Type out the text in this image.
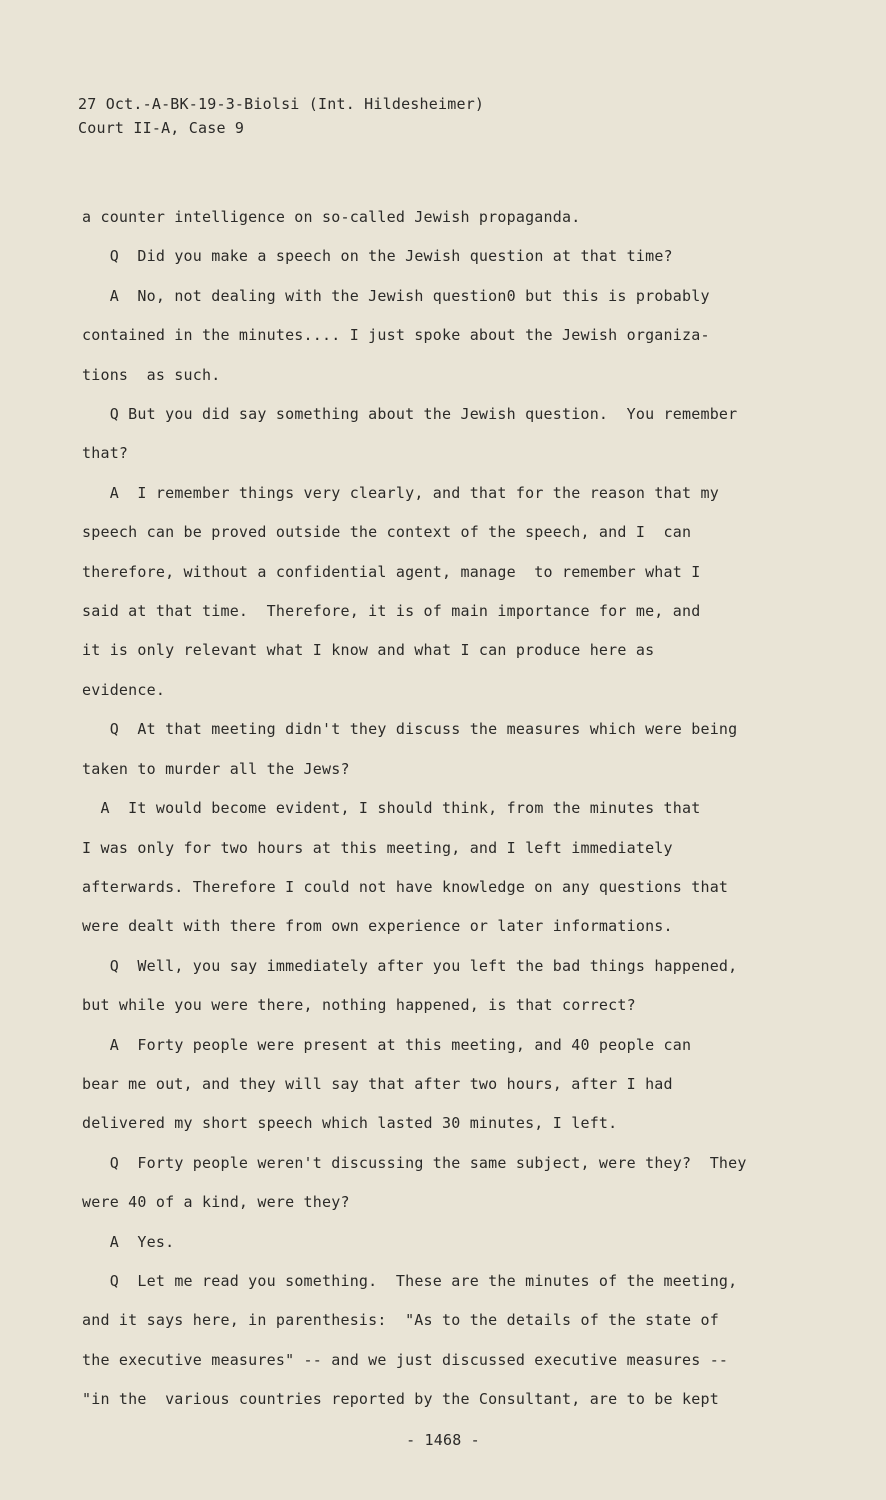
27 Oct.-A-BK-19-3-Biolsi (Int. Hildesheimer)
Court II-A, Case 9

a counter intelligence on so-called Jewish propaganda.

Q  Did you make a speech on the Jewish question at that time?

A  No, not dealing with the Jewish question0 but this is probably

contained in the minutes.... I just spoke about the Jewish organiza-

tions  as such.

Q But you did say something about the Jewish question.  You remember

that?

A  I remember things very clearly, and that for the reason that my

speech can be proved outside the context of the speech, and I  can

therefore, without a confidential agent, manage  to remember what I

said at that time.  Therefore, it is of main importance for me, and

it is only relevant what I know and what I can produce here as

evidence.

Q  At that meeting didn't they discuss the measures which were being

taken to murder all the Jews?

A  It would become evident, I should think, from the minutes that

I was only for two hours at this meeting, and I left immediately

afterwards. Therefore I could not have knowledge on any questions that

were dealt with there from own experience or later informations.

Q  Well, you say immediately after you left the bad things happened,

but while you were there, nothing happened, is that correct?

A  Forty people were present at this meeting, and 40 people can

bear me out, and they will say that after two hours, after I had

delivered my short speech which lasted 30 minutes, I left.

Q  Forty people weren't discussing the same subject, were they?  They

were 40 of a kind, were they?

A  Yes.

Q  Let me read you something.  These are the minutes of the meeting,

and it says here, in parenthesis:  "As to the details of the state of

the executive measures" -- and we just discussed executive measures --

"in the  various countries reported by the Consultant, are to be kept

- 1468 -
